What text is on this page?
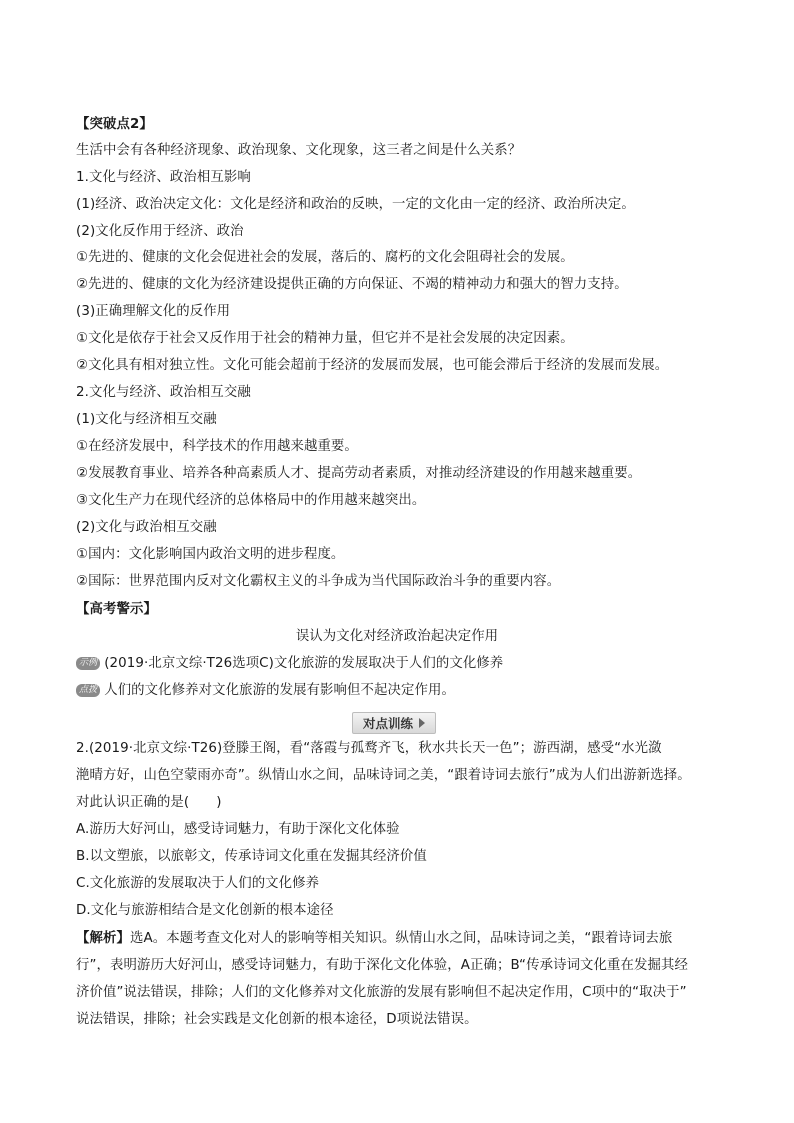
【突破点2】
生活中会有各种经济现象、政治现象、文化现象，这三者之间是什么关系？
1.文化与经济、政治相互影响
(1)经济、政治决定文化：文化是经济和政治的反映，一定的文化由一定的经济、政治所决定。
(2)文化反作用于经济、政治
①先进的、健康的文化会促进社会的发展，落后的、腐朽的文化会阻碍社会的发展。
②先进的、健康的文化为经济建设提供正确的方向保证、不竭的精神动力和强大的智力支持。
(3)正确理解文化的反作用
①文化是依存于社会又反作用于社会的精神力量，但它并不是社会发展的决定因素。
②文化具有相对独立性。文化可能会超前于经济的发展而发展，也可能会滞后于经济的发展而发展。
2.文化与经济、政治相互交融
(1)文化与经济相互交融
①在经济发展中，科学技术的作用越来越重要。
②发展教育事业、培养各种高素质人才、提高劳动者素质，对推动经济建设的作用越来越重要。
③文化生产力在现代经济的总体格局中的作用越来越突出。
(2)文化与政治相互交融
①国内：文化影响国内政治文明的进步程度。
②国际：世界范围内反对文化霸权主义的斗争成为当代国际政治斗争的重要内容。
【高考警示】
误认为文化对经济政治起决定作用
示例 (2019·北京文综·T26选项C)文化旅游的发展取决于人们的文化修养
点拨 人们的文化修养对文化旅游的发展有影响但不起决定作用。
对点训练
2.(2019·北京文综·T26)登滕王阁，看“落霞与孤鹜齐飞，秋水共长天一色”；游西湖，感受“水光潋
滟晴方好，山色空蒙雨亦奇”。纵情山水之间，品味诗词之美，“跟着诗词去旅行”成为人们出游新选择。
对此认识正确的是(　　)
A.游历大好河山，感受诗词魅力，有助于深化文化体验
B.以文塑旅，以旅彰文，传承诗词文化重在发掘其经济价值
C.文化旅游的发展取决于人们的文化修养
D.文化与旅游相结合是文化创新的根本途径
【解析】选A。本题考查文化对人的影响等相关知识。纵情山水之间，品味诗词之美，“跟着诗词去旅
行”，表明游历大好河山，感受诗词魅力，有助于深化文化体验，A正确；B“传承诗词文化重在发掘其经
济价值”说法错误，排除；人们的文化修养对文化旅游的发展有影响但不起决定作用，C项中的“取决于”
说法错误，排除；社会实践是文化创新的根本途径，D项说法错误。
